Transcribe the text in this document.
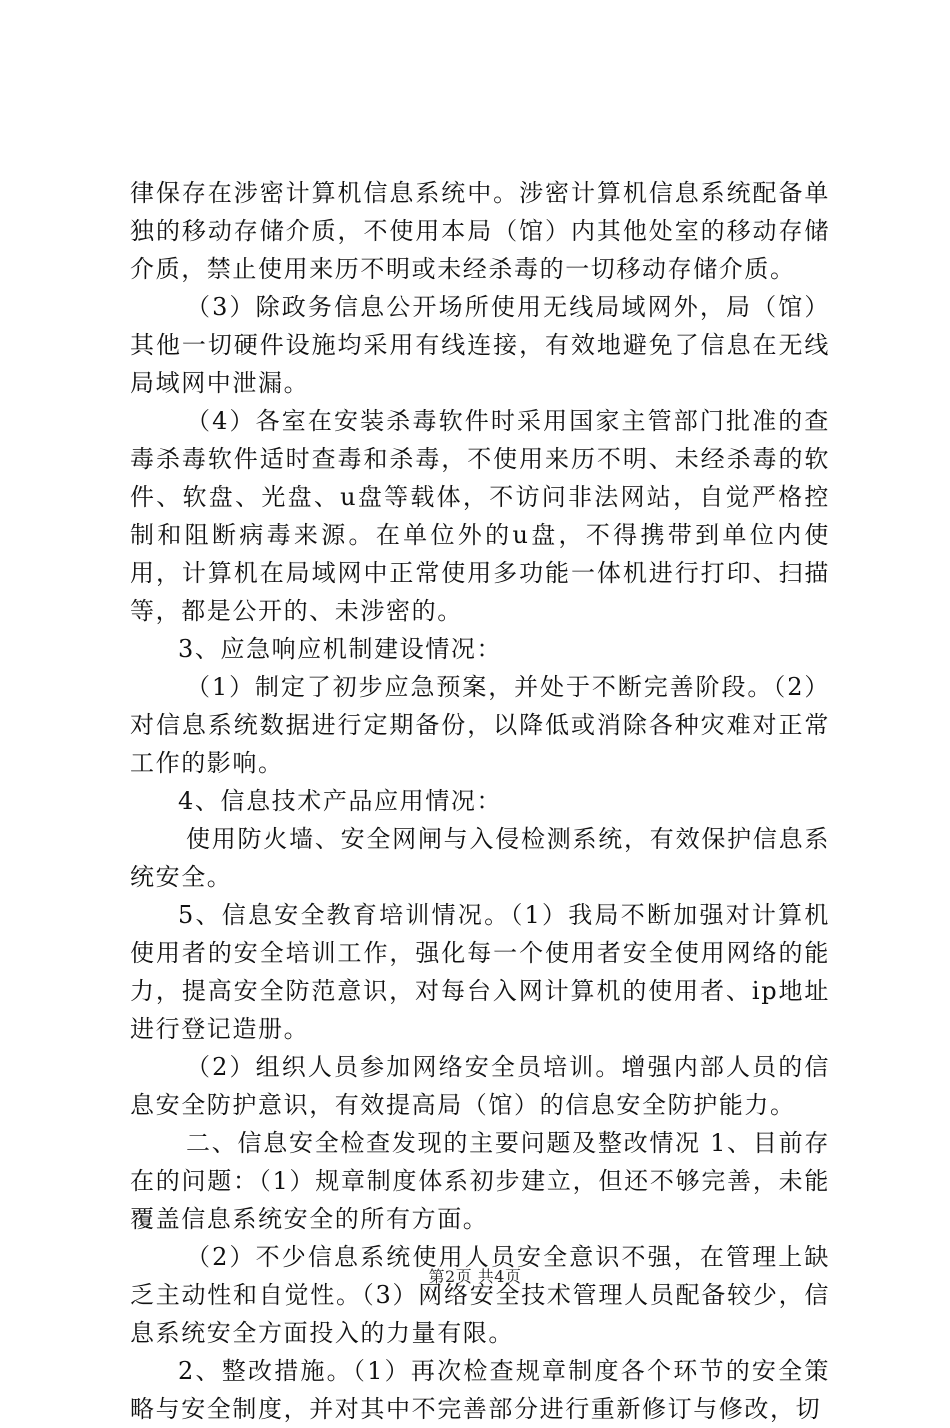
律保存在涉密计算机信息系统中。涉密计算机信息系统配备单独的移动存储介质，不使用本局（馆）内其他处室的移动存储介质，禁止使用来历不明或未经杀毒的一切移动存储介质。

（3）除政务信息公开场所使用无线局域网外，局（馆）其他一切硬件设施均采用有线连接，有效地避免了信息在无线局域网中泄漏。

（4）各室在安装杀毒软件时采用国家主管部门批准的查毒杀毒软件适时查毒和杀毒，不使用来历不明、未经杀毒的软件、软盘、光盘、u盘等载体，不访问非法网站，自觉严格控制和阻断病毒来源。在单位外的u盘，不得携带到单位内使用，计算机在局域网中正常使用多功能一体机进行打印、扫描等，都是公开的、未涉密的。

3、应急响应机制建设情况：

（1）制定了初步应急预案，并处于不断完善阶段。（2）对信息系统数据进行定期备份，以降低或消除各种灾难对正常工作的影响。

4、信息技术产品应用情况：

使用防火墙、安全网闸与入侵检测系统，有效保护信息系统安全。

5、信息安全教育培训情况。（1）我局不断加强对计算机使用者的安全培训工作，强化每一个使用者安全使用网络的能力，提高安全防范意识，对每台入网计算机的使用者、ip地址进行登记造册。

（2）组织人员参加网络安全员培训。增强内部人员的信息安全防护意识，有效提高局（馆）的信息安全防护能力。

二、信息安全检查发现的主要问题及整改情况 1、目前存在的问题：（1）规章制度体系初步建立，但还不够完善，未能覆盖信息系统安全的所有方面。

（2）不少信息系统使用人员安全意识不强，在管理上缺乏主动性和自觉性。（3）网络安全技术管理人员配备较少，信息系统安全方面投入的力量有限。

2、整改措施。（1）再次检查规章制度各个环节的安全策略与安全制度，并对其中不完善部分进行重新修订与修改，切

第2页 共4页
